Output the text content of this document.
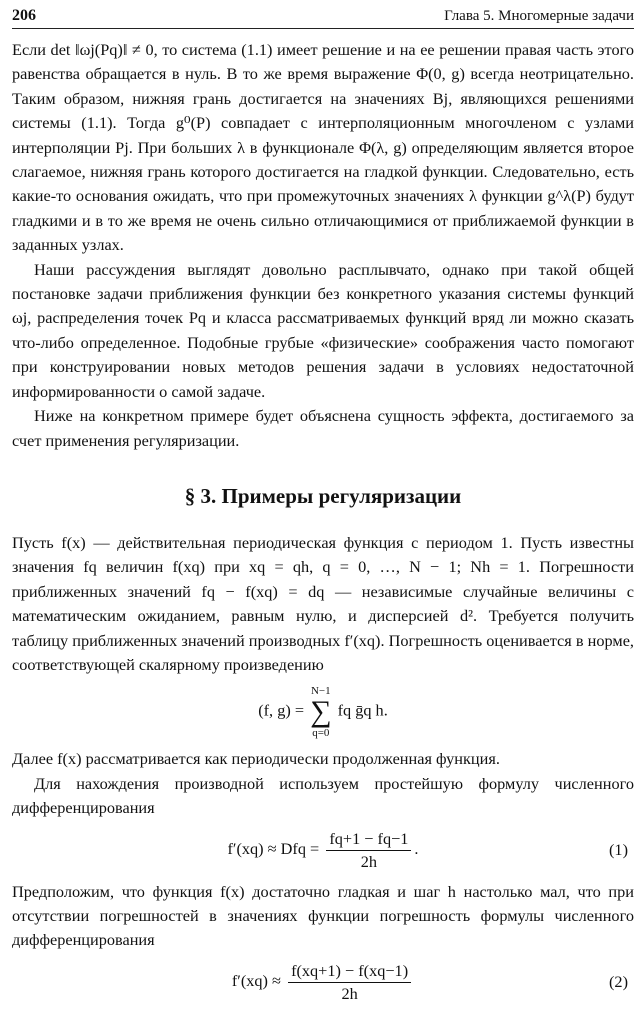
206	Глава 5. Многомерные задачи

Если det ‖ωj(Pq)‖ ≠ 0, то система (1.1) имеет решение и на ее решении правая часть этого равенства обращается в нуль. В то же время выражение Φ(0, g) всегда неотрицательно. Таким образом, нижняя грань достигается на значениях Bj, являющихся решениями системы (1.1). Тогда g⁰(P) совпадает с интерполяционным многочленом с узлами интерполяции Pj. При больших λ в функционале Φ(λ, g) определяющим является второе слагаемое, нижняя грань которого достигается на гладкой функции. Следовательно, есть какие-то основания ожидать, что при промежуточных значениях λ функции g^λ(P) будут гладкими и в то же время не очень сильно отличающимися от приближаемой функции в заданных узлах.

Наши рассуждения выглядят довольно расплывчато, однако при такой общей постановке задачи приближения функции без конкретного указания системы функций ωj, распределения точек Pq и класса рассматриваемых функций вряд ли можно сказать что-либо определенное. Подобные грубые «физические» соображения часто помогают при конструировании новых методов решения задачи в условиях недостаточной информированности о самой задаче.

Ниже на конкретном примере будет объяснена сущность эффекта, достигаемого за счет применения регуляризации.

§ 3. Примеры регуляризации

Пусть f(x) — действительная периодическая функция с периодом 1. Пусть известны значения fq величин f(xq) при xq = qh, q = 0, …, N − 1; Nh = 1. Погрешности приближенных значений fq − f(xq) = dq — независимые случайные величины с математическим ожиданием, равным нулю, и дисперсией d². Требуется получить таблицу приближенных значений производных f′(xq). Погрешность оценивается в норме, соответствующей скалярному произведению

(f, g) =
N−1
∑
q=0
fq ḡq h.

Далее f(x) рассматривается как периодически продолженная функция.

Для нахождения производной используем простейшую формулу численного дифференцирования

f′(xq) ≈ Dfq = $\frac{fq+1 - fq-1}{2h}$ .	(1)

Предположим, что функция f(x) достаточно гладкая и шаг h настолько мал, что при отсутствии погрешностей в значениях функции погрешность формулы численного дифференцирования

$f'(xq) \approx \frac{f(xq+1) - f(xq-1)}{2h}$	(2)
